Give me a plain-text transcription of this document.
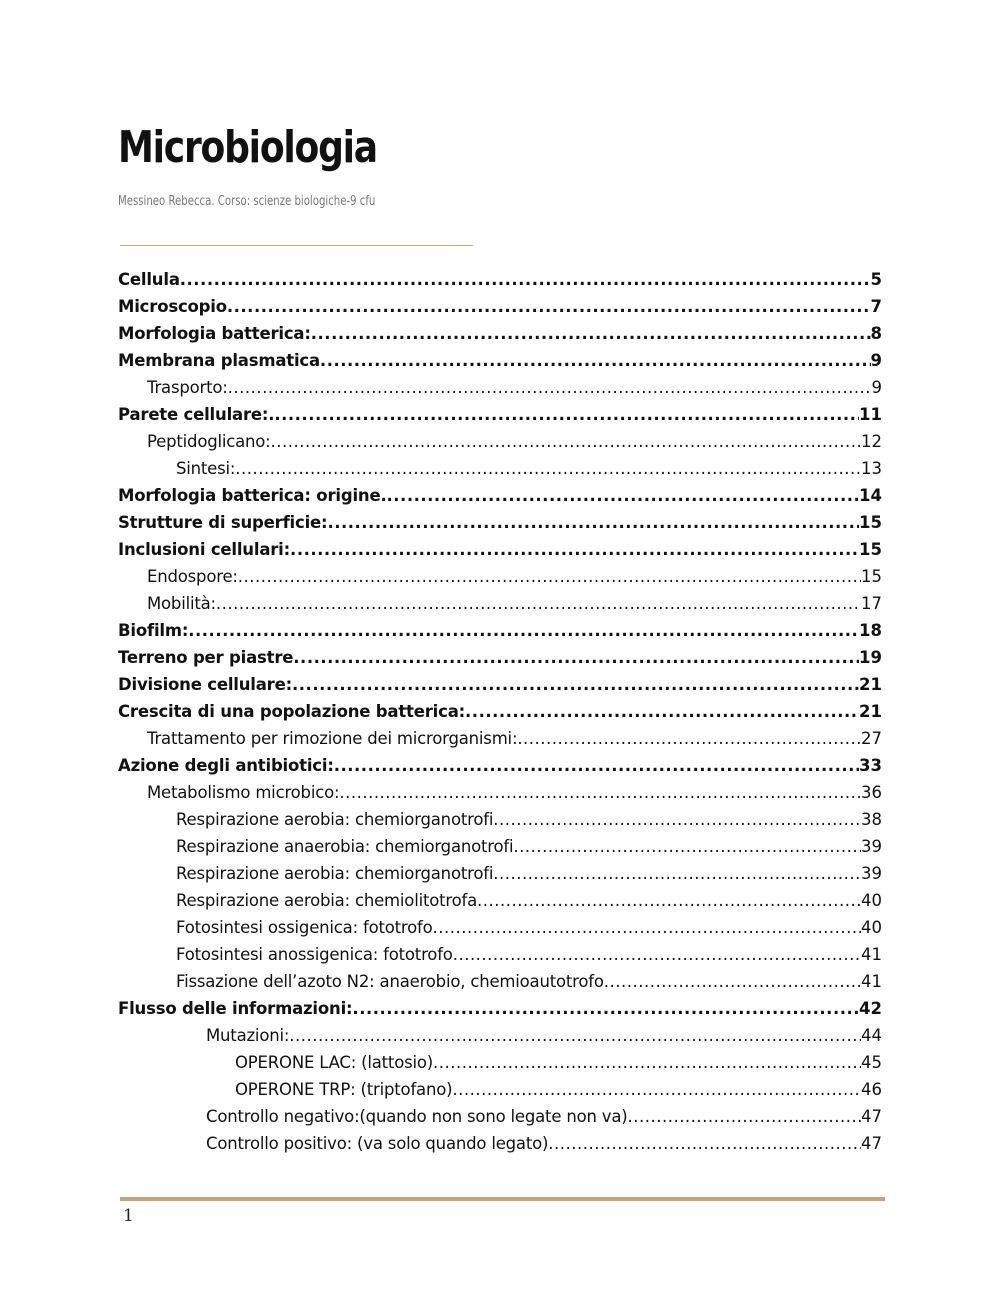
Microbiologia
Messineo Rebecca. Corso: scienze biologiche-9 cfu
Cellula .....	5
Microscopio .....	7
Morfologia batterica: .....	8
Membrana plasmatica .....	9
Trasporto: .....	9
Parete cellulare:. .....	11
Peptidoglicano: .....	12
Sintesi: .....	13
Morfologia batterica: origine. .....	14
Strutture di superficie: .....	15
Inclusioni cellulari: .....	15
Endospore: .....	15
Mobilità: .....	17
Biofilm: .....	18
Terreno per piastre .....	19
Divisione cellulare: .....	21
Crescita di una popolazione batterica: .....	21
Trattamento per rimozione dei microrganismi: .....	27
Azione degli antibiotici: .....	33
Metabolismo microbico: .....	36
Respirazione aerobia: chemiorganotrofi .....	38
Respirazione anaerobia: chemiorganotrofi .....	39
Respirazione aerobia: chemiorganotrofi .....	39
Respirazione aerobia: chemiolitotrofa .....	40
Fotosintesi ossigenica: fototrofo .....	40
Fotosintesi anossigenica: fototrofo .....	41
Fissazione dell’azoto N2: anaerobio, chemioautotrofo .....	41
Flusso delle informazioni: .....	42
Mutazioni: .....	44
OPERONE LAC: (lattosio) .....	45
OPERONE TRP: (triptofano) .....	46
Controllo negativo:(quando non sono legate non va) .....	47
Controllo positivo: (va solo quando legato) .....	47
1
